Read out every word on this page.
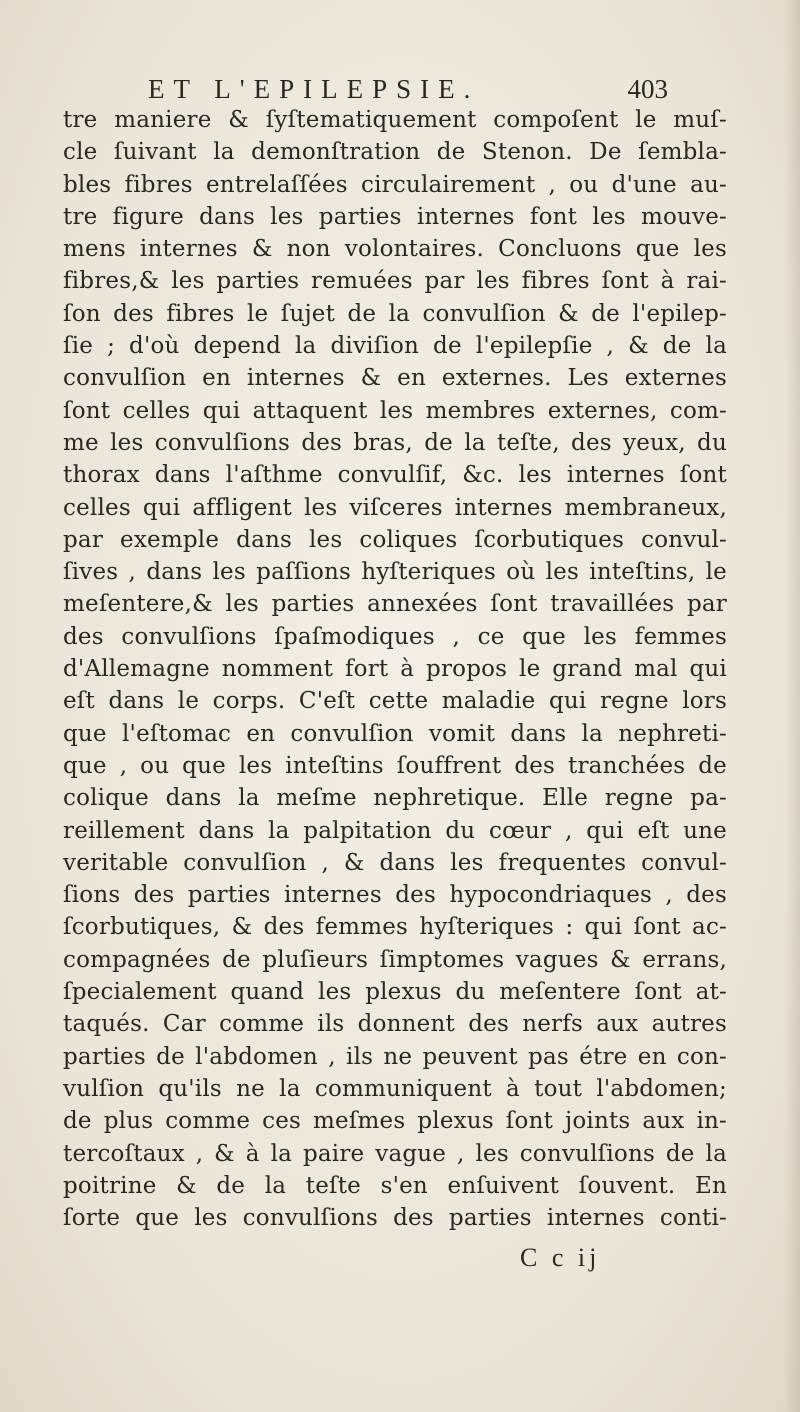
ET L'EPILEPSIE.	403
tre maniere & ſyſtematiquement compoſent le muſ-
cle ſuivant la demonſtration de Stenon. De ſembla-
bles fibres entrelaſſées circulairement , ou d'une au-
tre figure dans les parties internes font les mouve-
mens internes & non volontaires. Concluons que les
fibres,& les parties remuées par les fibres ſont à rai-
ſon des fibres le ſujet de la convulſion & de l'epilep-
ſie ; d'où depend la diviſion de l'epilepſie , & de la
convulſion en internes & en externes. Les externes
ſont celles qui attaquent les membres externes, com-
me les convulſions des bras, de la teſte, des yeux, du
thorax dans l'aſthme convulſif, &c. les internes ſont
celles qui affligent les viſceres internes membraneux,
par exemple dans les coliques ſcorbutiques convul-
ſives , dans les paſſions hyſteriques où les inteſtins, le
meſentere,& les parties annexées ſont travaillées par
des convulſions ſpaſmodiques , ce que les femmes
d'Allemagne nomment fort à propos le grand mal qui
eſt dans le corps. C'eſt cette maladie qui regne lors
que l'eſtomac en convulſion vomit dans la nephreti-
que , ou que les inteſtins ſouffrent des tranchées de
colique dans la meſme nephretique. Elle regne pa-
reillement dans la palpitation du cœur , qui eſt une
veritable convulſion , & dans les frequentes convul-
ſions des parties internes des hypocondriaques , des
ſcorbutiques, & des femmes hyſteriques : qui ſont ac-
compagnées de pluſieurs ſimptomes vagues & errans,
ſpecialement quand les plexus du meſentere ſont at-
taqués. Car comme ils donnent des nerfs aux autres
parties de l'abdomen , ils ne peuvent pas étre en con-
vulſion qu'ils ne la communiquent à tout l'abdomen;
de plus comme ces meſmes plexus ſont joints aux in-
tercoſtaux , & à la paire vague , les convulſions de la
poitrine & de la teſte s'en enſuivent ſouvent. En
ſorte que les convulſions des parties internes conti-
C c ij
